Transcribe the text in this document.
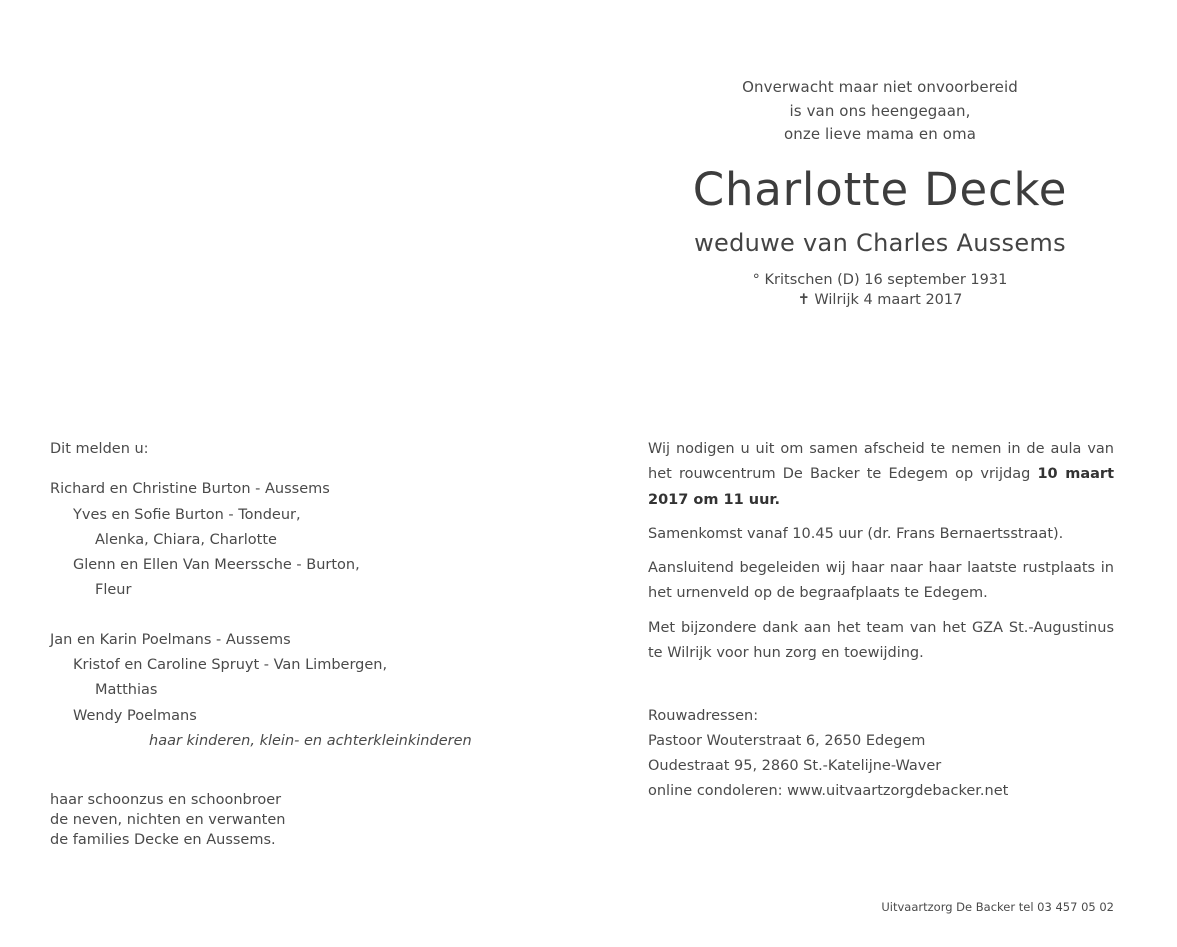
Onverwacht maar niet onvoorbereid
is van ons heengegaan,
onze lieve mama en oma
Charlotte Decke
weduwe van Charles Aussems
° Kritschen (D) 16 september 1931
✝ Wilrijk 4 maart 2017
Dit melden u:
Richard en Christine Burton - Aussems
Yves en Sofie Burton - Tondeur,
Alenka, Chiara, Charlotte
Glenn en Ellen Van Meerssche - Burton,
Fleur
Jan en Karin Poelmans - Aussems
Kristof en Caroline Spruyt - Van Limbergen,
Matthias
Wendy Poelmans
haar kinderen, klein- en achterkleinkinderen
haar schoonzus en schoonbroer
de neven, nichten en verwanten
de families Decke en Aussems.

Wij nodigen u uit om samen afscheid te nemen in de aula van het rouwcentrum De Backer te Edegem op vrijdag 10 maart 2017 om 11 uur.

Samenkomst vanaf 10.45 uur (dr. Frans Bernaertsstraat).

Aansluitend begeleiden wij haar naar haar laatste rustplaats in het urnenveld op de begraafplaats te Edegem.

Met bijzondere dank aan het team van het GZA St.-Augustinus te Wilrijk voor hun zorg en toewijding.

Rouwadressen:
Pastoor Wouterstraat 6, 2650 Edegem
Oudestraat 95, 2860 St.-Katelijne-Waver
online condoleren: www.uitvaartzorgdebacker.net
Uitvaartzorg De Backer tel 03 457 05 02
